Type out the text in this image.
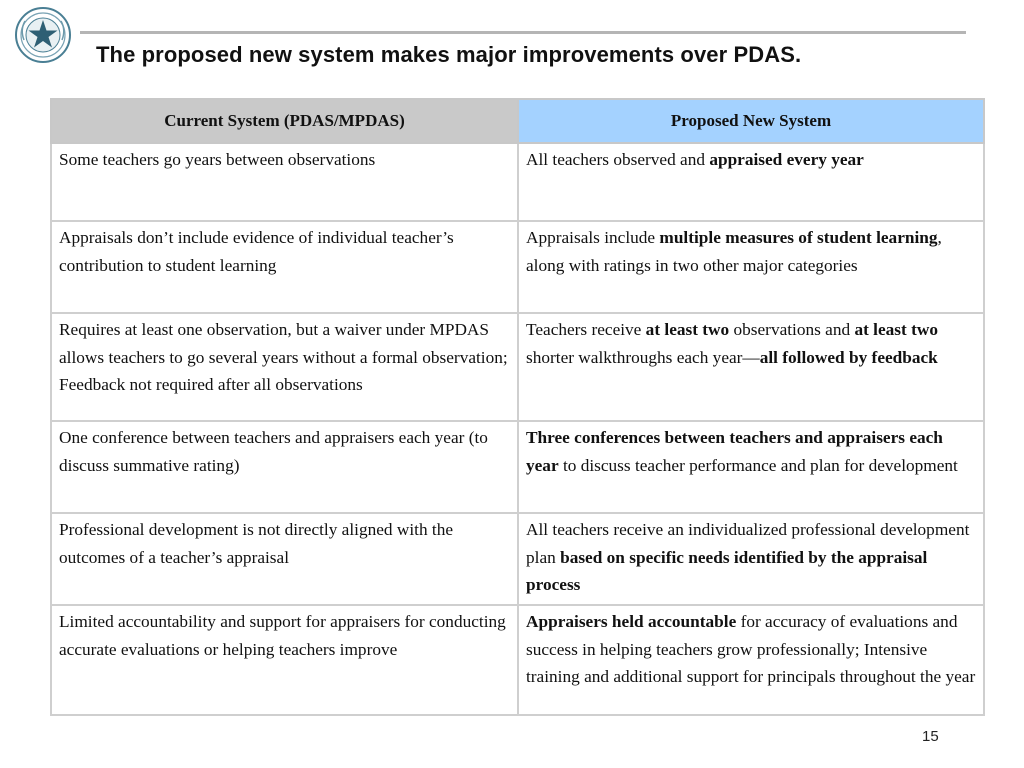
The proposed new system makes major improvements over PDAS.
Current System (PDAS/MPDAS)	Proposed New System
Some teachers go years between observations	All teachers observed and appraised every year
Appraisals don’t include evidence of individual teacher’s contribution to student learning	Appraisals include multiple measures of student learning, along with ratings in two other major categories
Requires at least one observation, but a waiver under MPDAS allows teachers to go several years without a formal observation; Feedback not required after all observations	Teachers receive at least two observations and at least two shorter walkthroughs each year—all followed by feedback
One conference between teachers and appraisers each year (to discuss summative rating)	Three conferences between teachers and appraisers each year to discuss teacher performance and plan for development
Professional development is not directly aligned with the outcomes of a teacher’s appraisal	All teachers receive an individualized professional development plan based on specific needs identified by the appraisal process
Limited accountability and support for appraisers for conducting accurate evaluations or helping teachers improve	Appraisers held accountable for accuracy of evaluations and success in helping teachers grow professionally; Intensive training and additional support for principals throughout the year
15
